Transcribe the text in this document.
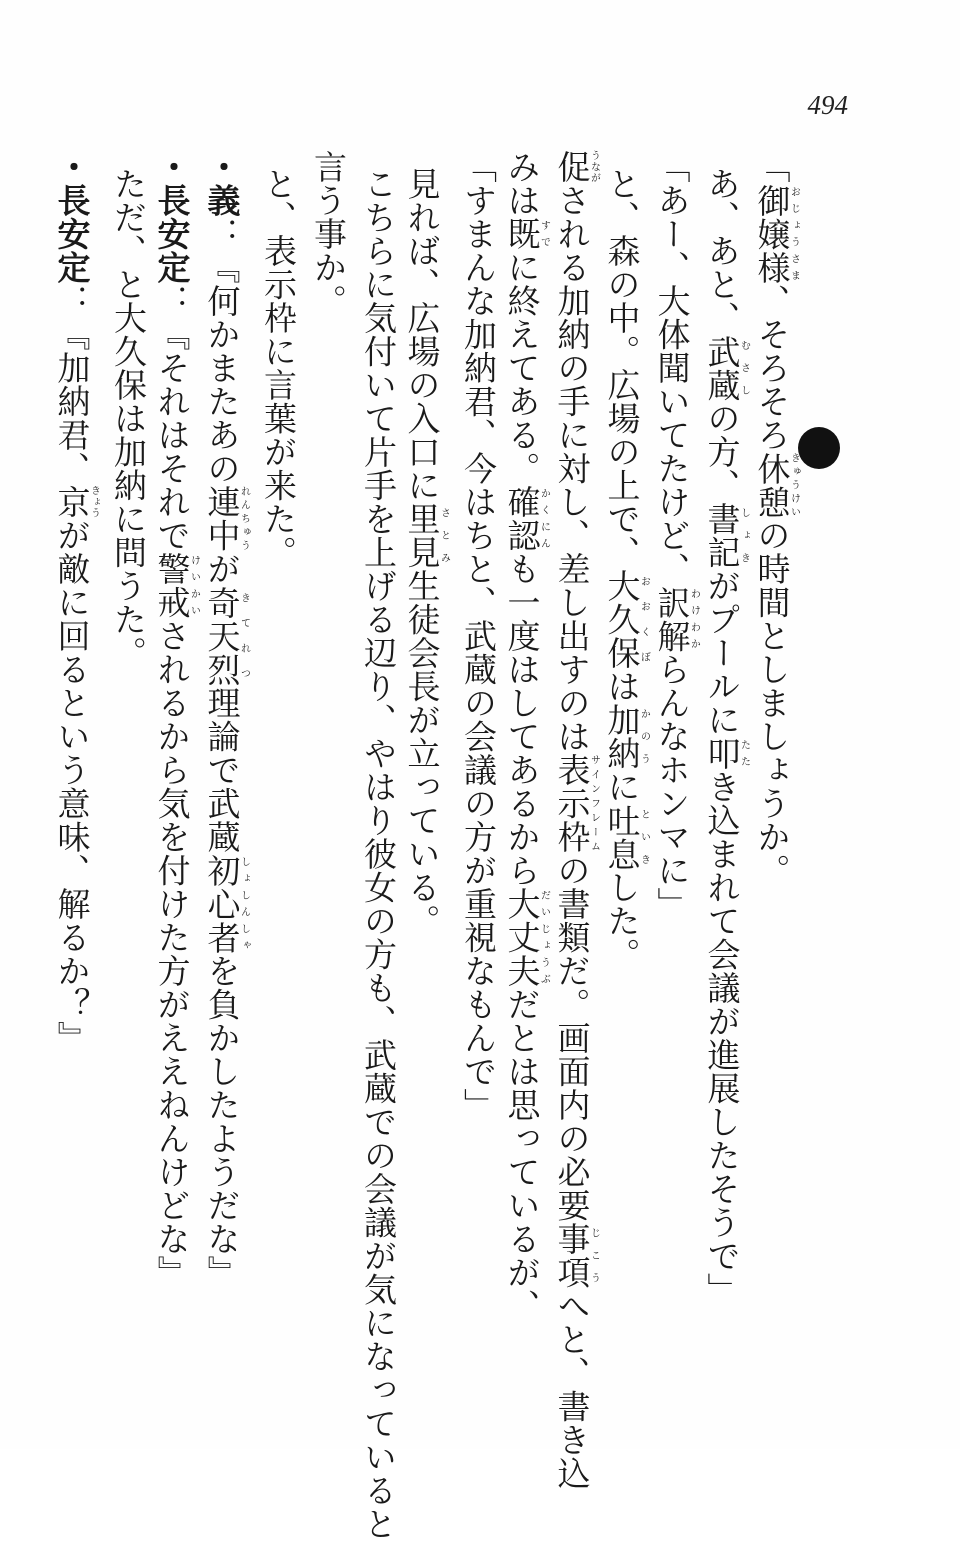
494
「御嬢様おじょうさま、そろそろ休憩きゅうけいの時間としましょうか。
あ、あと、武蔵むさしの方、書記しょきがプールに叩たたき込まれて会議が進展したそうで」
「あー、大体聞いてたけど、訳解わけわからんなホンマに」
と、森の中。広場の上で、大久保おおくぼは加納かのうに吐息といきした。
促うながされる加納の手に対し、差し出すのは表示枠サインフレームの書類だ。画面内の必要事項じこうへと、書き込
みは既すでに終えてある。確認かくにんも一度はしてあるから大丈夫だいじょうぶだとは思っているが、
「すまんな加納君、今はちと、武蔵の会議の方が重視なもんで」
見れば、広場の入口に里見さとみ生徒会長が立っている。
こちらに気付いて片手を上げる辺り、やはり彼女の方も、武蔵での会議が気になっていると
言う事か。
と、表示枠に言葉が来た。
・義：『何かまたあの連中れんちゅうが奇天烈きてれつ理論で武蔵初心者しょしんしゃを負かしたようだな』
・長安定：『それはそれで警戒けいかいされるから気を付けた方がええねんけどな』
ただ、と大久保は加納に問うた。
・長安定：『加納君、京きょうが敵に回るという意味、解るか？』
